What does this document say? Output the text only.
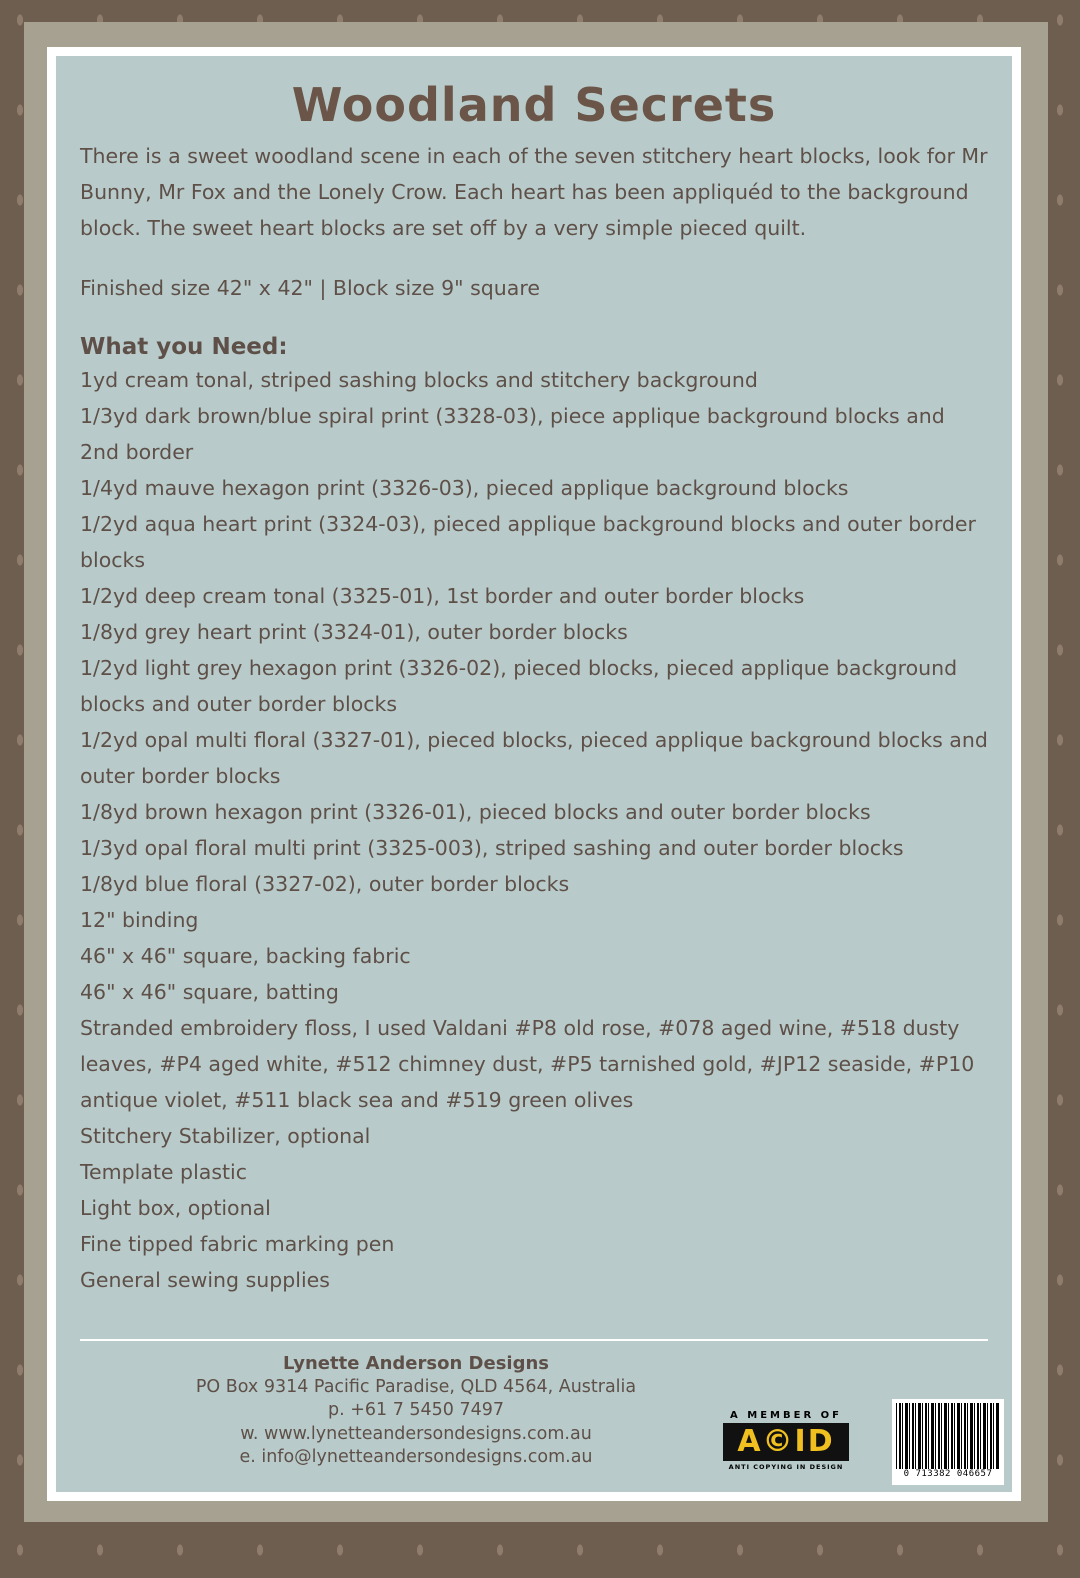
Woodland Secrets

There is a sweet woodland scene in each of the seven stitchery heart blocks, look for Mr Bunny, Mr Fox and the Lonely Crow. Each heart has been appliquéd to the background block. The sweet heart blocks are set off by a very simple pieced quilt.

Finished size 42" x 42" | Block size 9" square

What you Need:
1yd cream tonal, striped sashing blocks and stitchery background
1/3yd dark brown/blue spiral print (3328-03), piece applique background blocks and 2nd border
1/4yd mauve hexagon print (3326-03), pieced applique background blocks
1/2yd aqua heart print (3324-03), pieced applique background blocks and outer border blocks
1/2yd deep cream tonal (3325-01), 1st border and outer border blocks
1/8yd grey heart print (3324-01), outer border blocks
1/2yd light grey hexagon print (3326-02), pieced blocks, pieced applique background blocks and outer border blocks
1/2yd opal multi floral (3327-01), pieced blocks, pieced applique background blocks and outer border blocks
1/8yd brown hexagon print (3326-01), pieced blocks and outer border blocks
1/3yd opal floral multi print (3325-003), striped sashing and outer border blocks
1/8yd blue floral (3327-02), outer border blocks
12" binding
46" x 46" square, backing fabric
46" x 46" square, batting
Stranded embroidery floss, I used Valdani #P8 old rose, #078 aged wine, #518 dusty leaves, #P4 aged white, #512 chimney dust, #P5 tarnished gold, #JP12 seaside, #P10 antique violet, #511 black sea and #519 green olives
Stitchery Stabilizer, optional
Template plastic
Light box, optional
Fine tipped fabric marking pen
General sewing supplies
Lynette Anderson Designs
PO Box 9314 Pacific Paradise, QLD 4564, Australia
p. +61 7 5450 7497
w. www.lynetteandersondesigns.com.au
e. info@lynetteandersondesigns.com.au
A MEMBER OF
A©ID
ANTI COPYING IN DESIGN
0 713382 046657
